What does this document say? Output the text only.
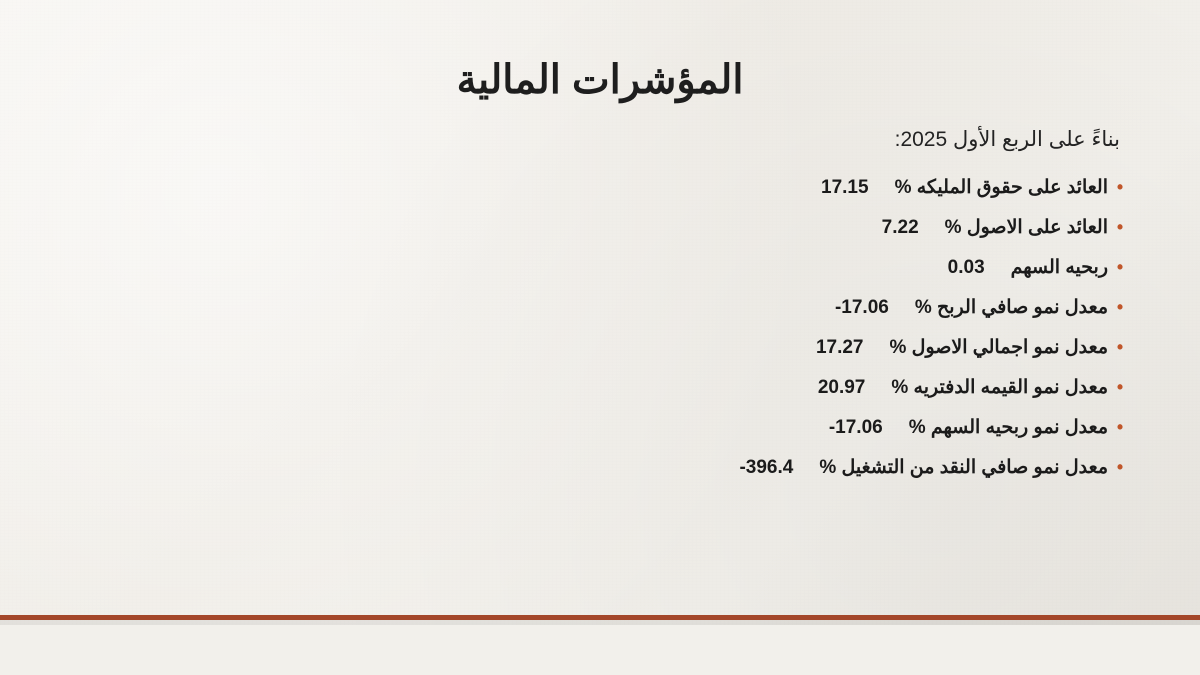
المؤشرات المالية

بناءً على الربع الأول 2025:

•
العائد على حقوق المليكه %
17.15
•
العائد على الاصول %
7.22
•
ربحيه السهم
0.03
•
معدل نمو صافي الربح %
-17.06
•
معدل نمو اجمالي الاصول %
17.27
•
معدل نمو القيمه الدفتريه %
20.97
•
معدل نمو ربحيه السهم %
-17.06
•
معدل نمو صافي النقد من التشغيل %
-396.4
